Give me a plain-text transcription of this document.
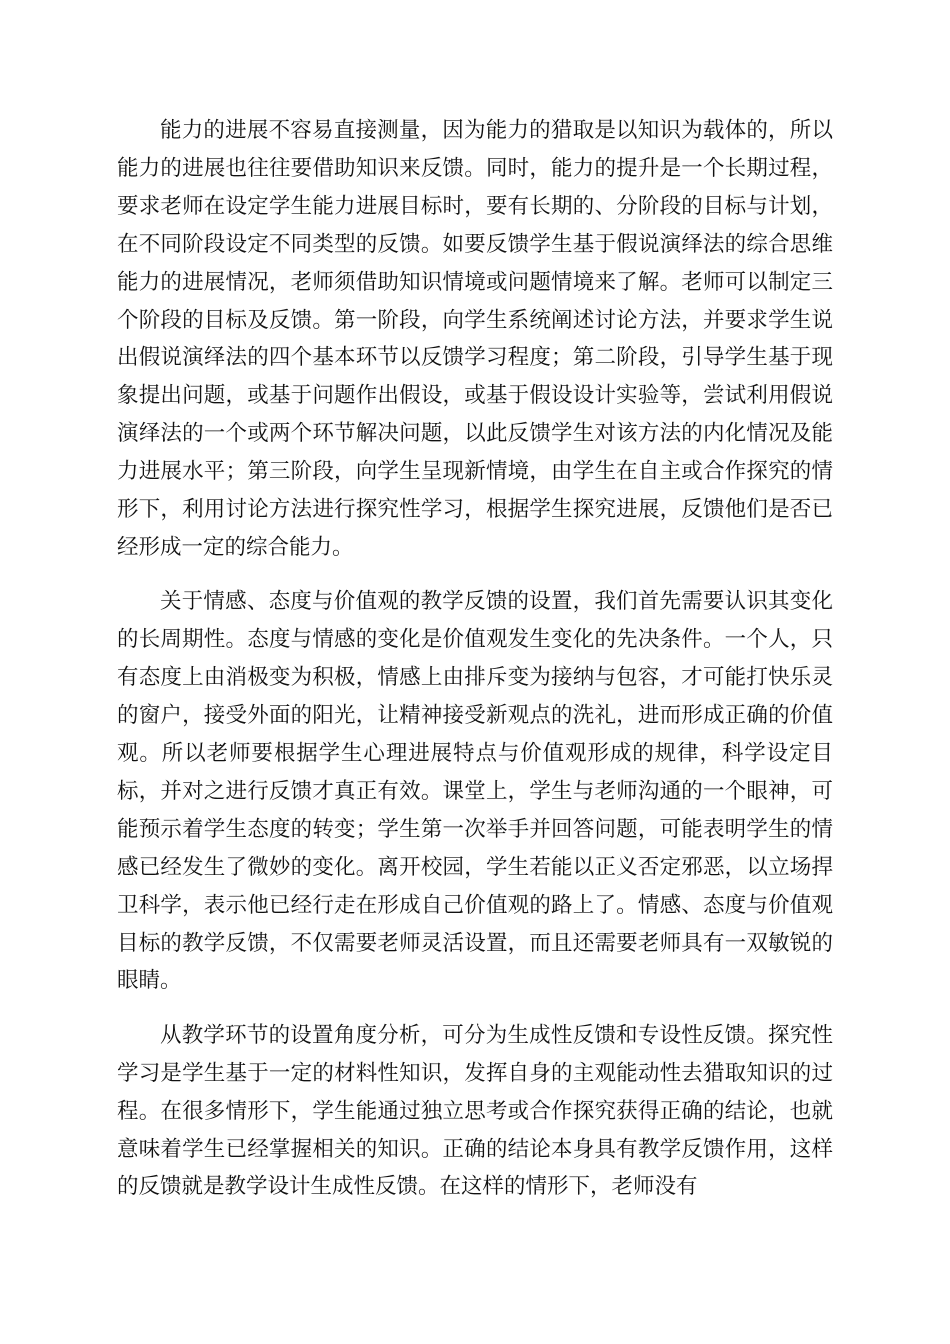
能力的进展不容易直接测量，因为能力的猎取是以知识为载体的，所以能力的进展也往往要借助知识来反馈。同时，能力的提升是一个长期过程，要求老师在设定学生能力进展目标时，要有长期的、分阶段的目标与计划，在不同阶段设定不同类型的反馈。如要反馈学生基于假说演绎法的综合思维能力的进展情况，老师须借助知识情境或问题情境来了解。老师可以制定三个阶段的目标及反馈。第一阶段，向学生系统阐述讨论方法，并要求学生说出假说演绎法的四个基本环节以反馈学习程度；第二阶段，引导学生基于现象提出问题，或基于问题作出假设，或基于假设设计实验等，尝试利用假说演绎法的一个或两个环节解决问题，以此反馈学生对该方法的内化情况及能力进展水平；第三阶段，向学生呈现新情境，由学生在自主或合作探究的情形下，利用讨论方法进行探究性学习，根据学生探究进展，反馈他们是否已经形成一定的综合能力。

关于情感、态度与价值观的教学反馈的设置，我们首先需要认识其变化的长周期性。态度与情感的变化是价值观发生变化的先决条件。一个人，只有态度上由消极变为积极，情感上由排斥变为接纳与包容，才可能打快乐灵的窗户，接受外面的阳光，让精神接受新观点的洗礼，进而形成正确的价值观。所以老师要根据学生心理进展特点与价值观形成的规律，科学设定目标，并对之进行反馈才真正有效。课堂上，学生与老师沟通的一个眼神，可能预示着学生态度的转变；学生第一次举手并回答问题，可能表明学生的情感已经发生了微妙的变化。离开校园，学生若能以正义否定邪恶，以立场捍卫科学，表示他已经行走在形成自己价值观的路上了。情感、态度与价值观目标的教学反馈，不仅需要老师灵活设置，而且还需要老师具有一双敏锐的眼睛。

从教学环节的设置角度分析，可分为生成性反馈和专设性反馈。探究性学习是学生基于一定的材料性知识，发挥自身的主观能动性去猎取知识的过程。在很多情形下，学生能通过独立思考或合作探究获得正确的结论，也就意味着学生已经掌握相关的知识。正确的结论本身具有教学反馈作用，这样的反馈就是教学设计生成性反馈。在这样的情形下，老师没有
